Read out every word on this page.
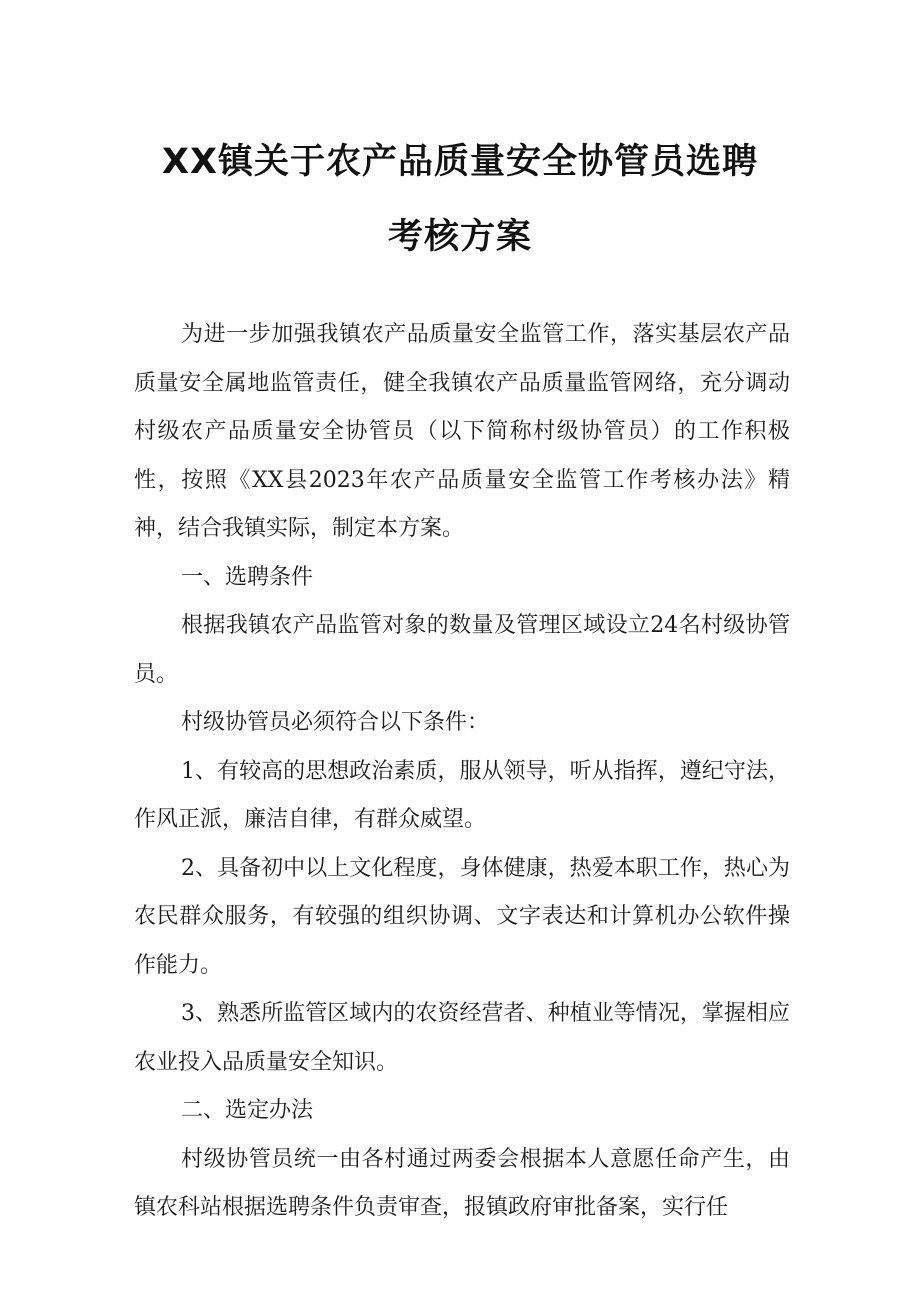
XX镇关于农产品质量安全协管员选聘
考核方案

为进一步加强我镇农产品质量安全监管工作，落实基层农产品质量安全属地监管责任，健全我镇农产品质量监管网络，充分调动村级农产品质量安全协管员（以下简称村级协管员）的工作积极性，按照《XX县2023年农产品质量安全监管工作考核办法》精神，结合我镇实际，制定本方案。

一、选聘条件

根据我镇农产品监管对象的数量及管理区域设立24名村级协管员。

村级协管员必须符合以下条件：

1、有较高的思想政治素质，服从领导，听从指挥，遵纪守法，作风正派，廉洁自律，有群众威望。

2、具备初中以上文化程度，身体健康，热爱本职工作，热心为农民群众服务，有较强的组织协调、文字表达和计算机办公软件操作能力。

3、熟悉所监管区域内的农资经营者、种植业等情况，掌握相应农业投入品质量安全知识。

二、选定办法

村级协管员统一由各村通过两委会根据本人意愿任命产生，由镇农科站根据选聘条件负责审查，报镇政府审批备案，实行任
